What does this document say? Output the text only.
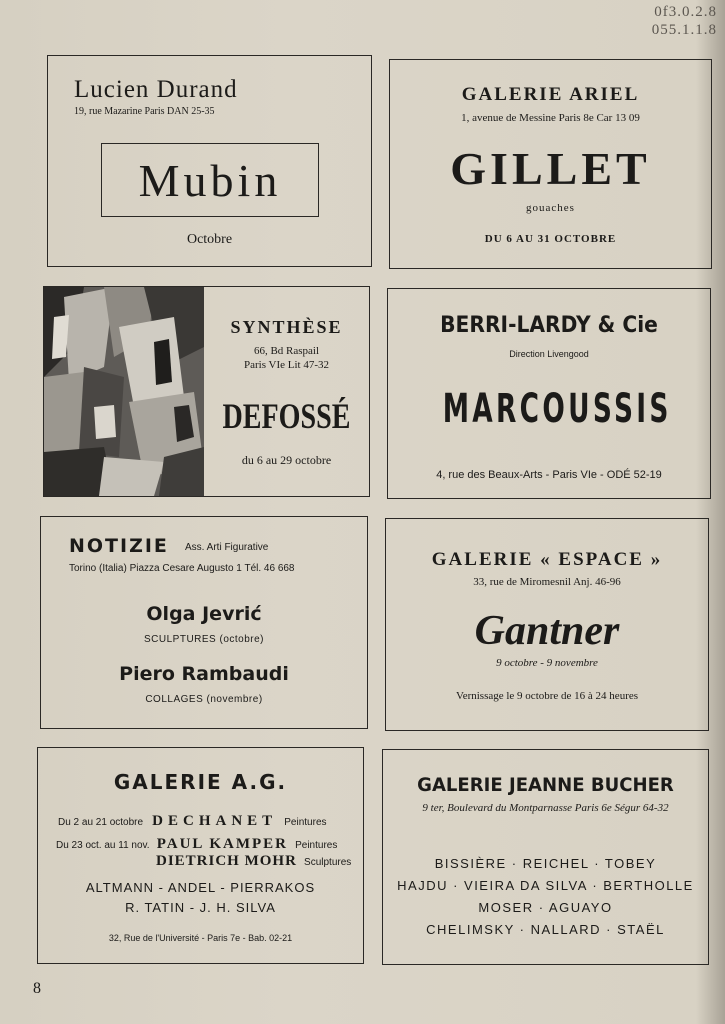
0f3.0.2.8
055.1.1.8
Lucien Durand
19, rue Mazarine Paris DAN 25-35
Mubin
Octobre
GALERIE ARIEL
1, avenue de Messine Paris 8e Car 13 09
GILLET
gouaches
DU 6 AU 31 OCTOBRE
SYNTHÈSE
66, Bd Raspail
Paris VIe Lit 47-32
DEFOSSÉ
du 6 au 29 octobre
BERRI-LARDY & Cie
Direction Livengood
MARCOUSSIS
4, rue des Beaux-Arts - Paris VIe - ODÉ 52-19
NOTIZIE Ass. Arti Figurative
Torino (Italia) Piazza Cesare Augusto 1 Tél. 46 668
Olga Jevrić
SCULPTURES (octobre)
Piero Rambaudi
COLLAGES (novembre)
GALERIE « ESPACE »
33, rue de Miromesnil Anj. 46-96
Gantner
9 octobre - 9 novembre
Vernissage le 9 octobre de 16 à 24 heures
GALERIE A.G.
Du 2 au 21 octobre DECHANET Peintures
Du 23 oct. au 11 nov. PAUL KAMPER Peintures
DIETRICH MOHR Sculptures
ALTMANN - ANDEL - PIERRAKOS
R. TATIN - J. H. SILVA
32, Rue de l'Université - Paris 7e - Bab. 02-21
GALERIE JEANNE BUCHER
9 ter, Boulevard du Montparnasse Paris 6e Ségur 64-32
BISSIÈRE · REICHEL · TOBEY
HAJDU · VIEIRA DA SILVA · BERTHOLLE
MOSER · AGUAYO
CHELIMSKY · NALLARD · STAËL
8
